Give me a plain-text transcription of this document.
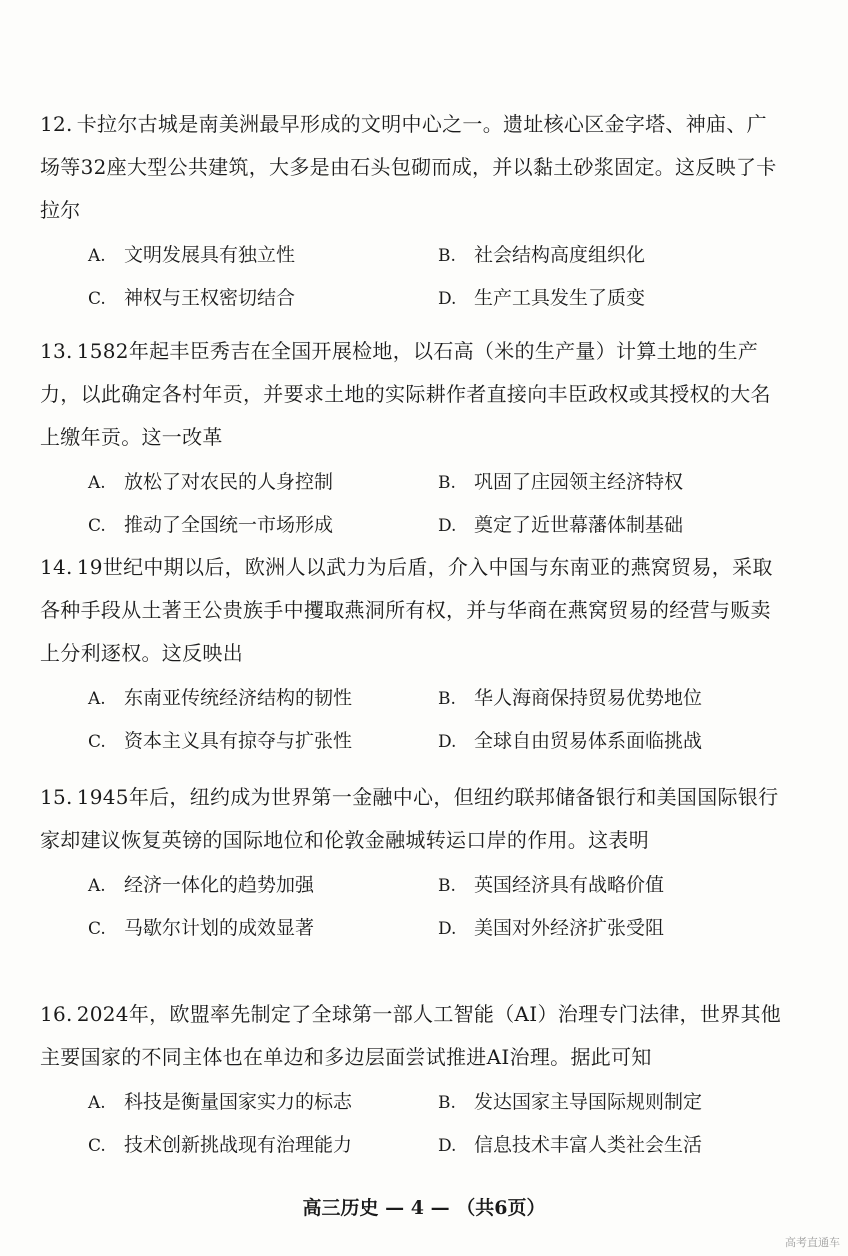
12. 卡拉尔古城是南美洲最早形成的文明中心之一。遗址核心区金字塔、神庙、广场等32座大型公共建筑，大多是由石头包砌而成，并以黏土砂浆固定。这反映了卡拉尔
A. 文明发展具有独立性	B. 社会结构高度组织化
C. 神权与王权密切结合	D. 生产工具发生了质变
13. 1582年起丰臣秀吉在全国开展检地，以石高（米的生产量）计算土地的生产力，以此确定各村年贡，并要求土地的实际耕作者直接向丰臣政权或其授权的大名上缴年贡。这一改革
A. 放松了对农民的人身控制	B. 巩固了庄园领主经济特权
C. 推动了全国统一市场形成	D. 奠定了近世幕藩体制基础
14. 19世纪中期以后，欧洲人以武力为后盾，介入中国与东南亚的燕窝贸易，采取各种手段从土著王公贵族手中攫取燕洞所有权，并与华商在燕窝贸易的经营与贩卖上分利逐权。这反映出
A. 东南亚传统经济结构的韧性	B. 华人海商保持贸易优势地位
C. 资本主义具有掠夺与扩张性	D. 全球自由贸易体系面临挑战
15. 1945年后，纽约成为世界第一金融中心，但纽约联邦储备银行和美国国际银行家却建议恢复英镑的国际地位和伦敦金融城转运口岸的作用。这表明
A. 经济一体化的趋势加强	B. 英国经济具有战略价值
C. 马歇尔计划的成效显著	D. 美国对外经济扩张受阻
16. 2024年，欧盟率先制定了全球第一部人工智能（AI）治理专门法律，世界其他主要国家的不同主体也在单边和多边层面尝试推进AI治理。据此可知
A. 科技是衡量国家实力的标志	B. 发达国家主导国际规则制定
C. 技术创新挑战现有治理能力	D. 信息技术丰富人类社会生活
高三历史 — 4 — （共6页）
高考直通车
